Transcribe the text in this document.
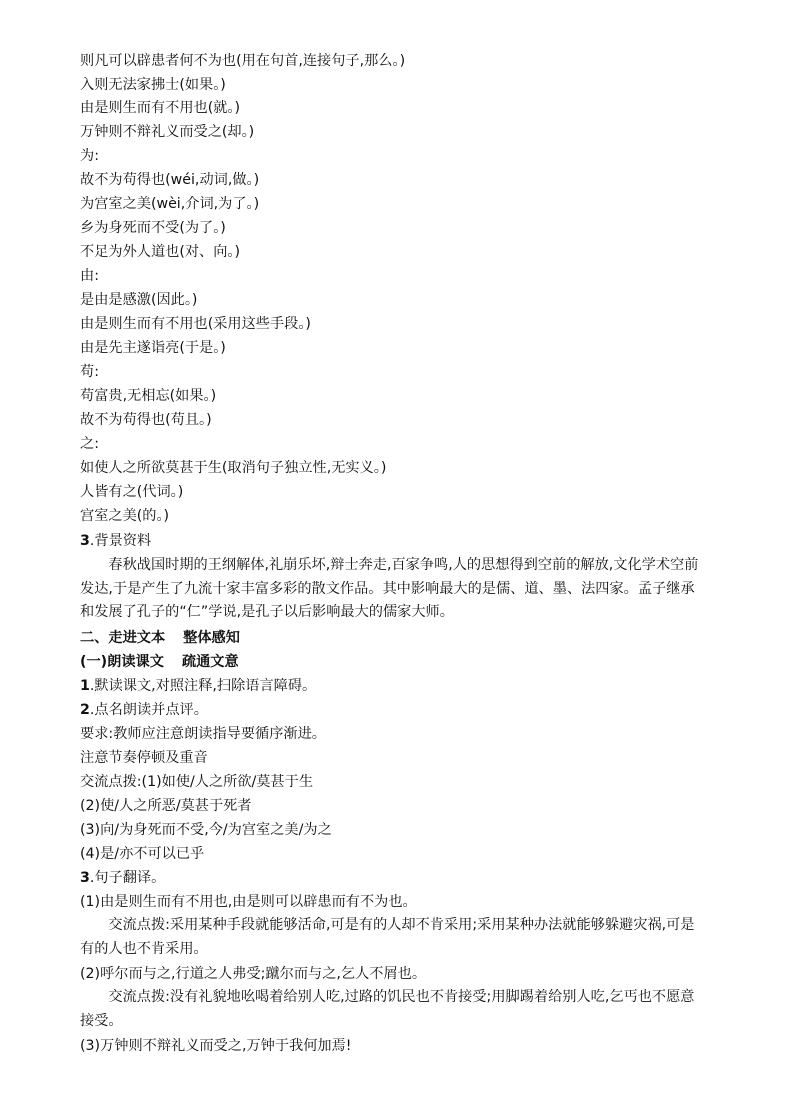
则凡可以辟患者何不为也(用在句首,连接句子,那么。)
入则无法家拂士(如果。)
由是则生而有不用也(就。)
万钟则不辩礼义而受之(却。)
为:
故不为苟得也(wéi,动词,做。)
为宫室之美(wèi,介词,为了。)
乡为身死而不受(为了。)
不足为外人道也(对、向。)
由:
是由是感激(因此。)
由是则生而有不用也(采用这些手段。)
由是先主遂诣亮(于是。)
苟:
苟富贵,无相忘(如果。)
故不为苟得也(苟且。)
之:
如使人之所欲莫甚于生(取消句子独立性,无实义。)
人皆有之(代词。)
宫室之美(的。)
3.背景资料
　　春秋战国时期的王纲解体,礼崩乐坏,辩士奔走,百家争鸣,人的思想得到空前的解放,文化学术空前发达,于是产生了九流十家丰富多彩的散文作品。其中影响最大的是儒、道、墨、法四家。孟子继承和发展了孔子的“仁”学说,是孔子以后影响最大的儒家大师。
二、走进文本 整体感知
(一)朗读课文 疏通文意
1.默读课文,对照注释,扫除语言障碍。
2.点名朗读并点评。
要求:教师应注意朗读指导要循序渐进。
注意节奏停顿及重音
交流点拨:(1)如使/人之所欲/莫甚于生
(2)使/人之所恶/莫甚于死者
(3)向/为身死而不受,今/为宫室之美/为之
(4)是/亦不可以已乎
3.句子翻译。
(1)由是则生而有不用也,由是则可以辟患而有不为也。
　　交流点拨:采用某种手段就能够活命,可是有的人却不肯采用;采用某种办法就能够躲避灾祸,可是有的人也不肯采用。
(2)呼尔而与之,行道之人弗受;蹴尔而与之,乞人不屑也。
　　交流点拨:没有礼貌地吆喝着给别人吃,过路的饥民也不肯接受;用脚踢着给别人吃,乞丐也不愿意接受。
(3)万钟则不辩礼义而受之,万钟于我何加焉!
